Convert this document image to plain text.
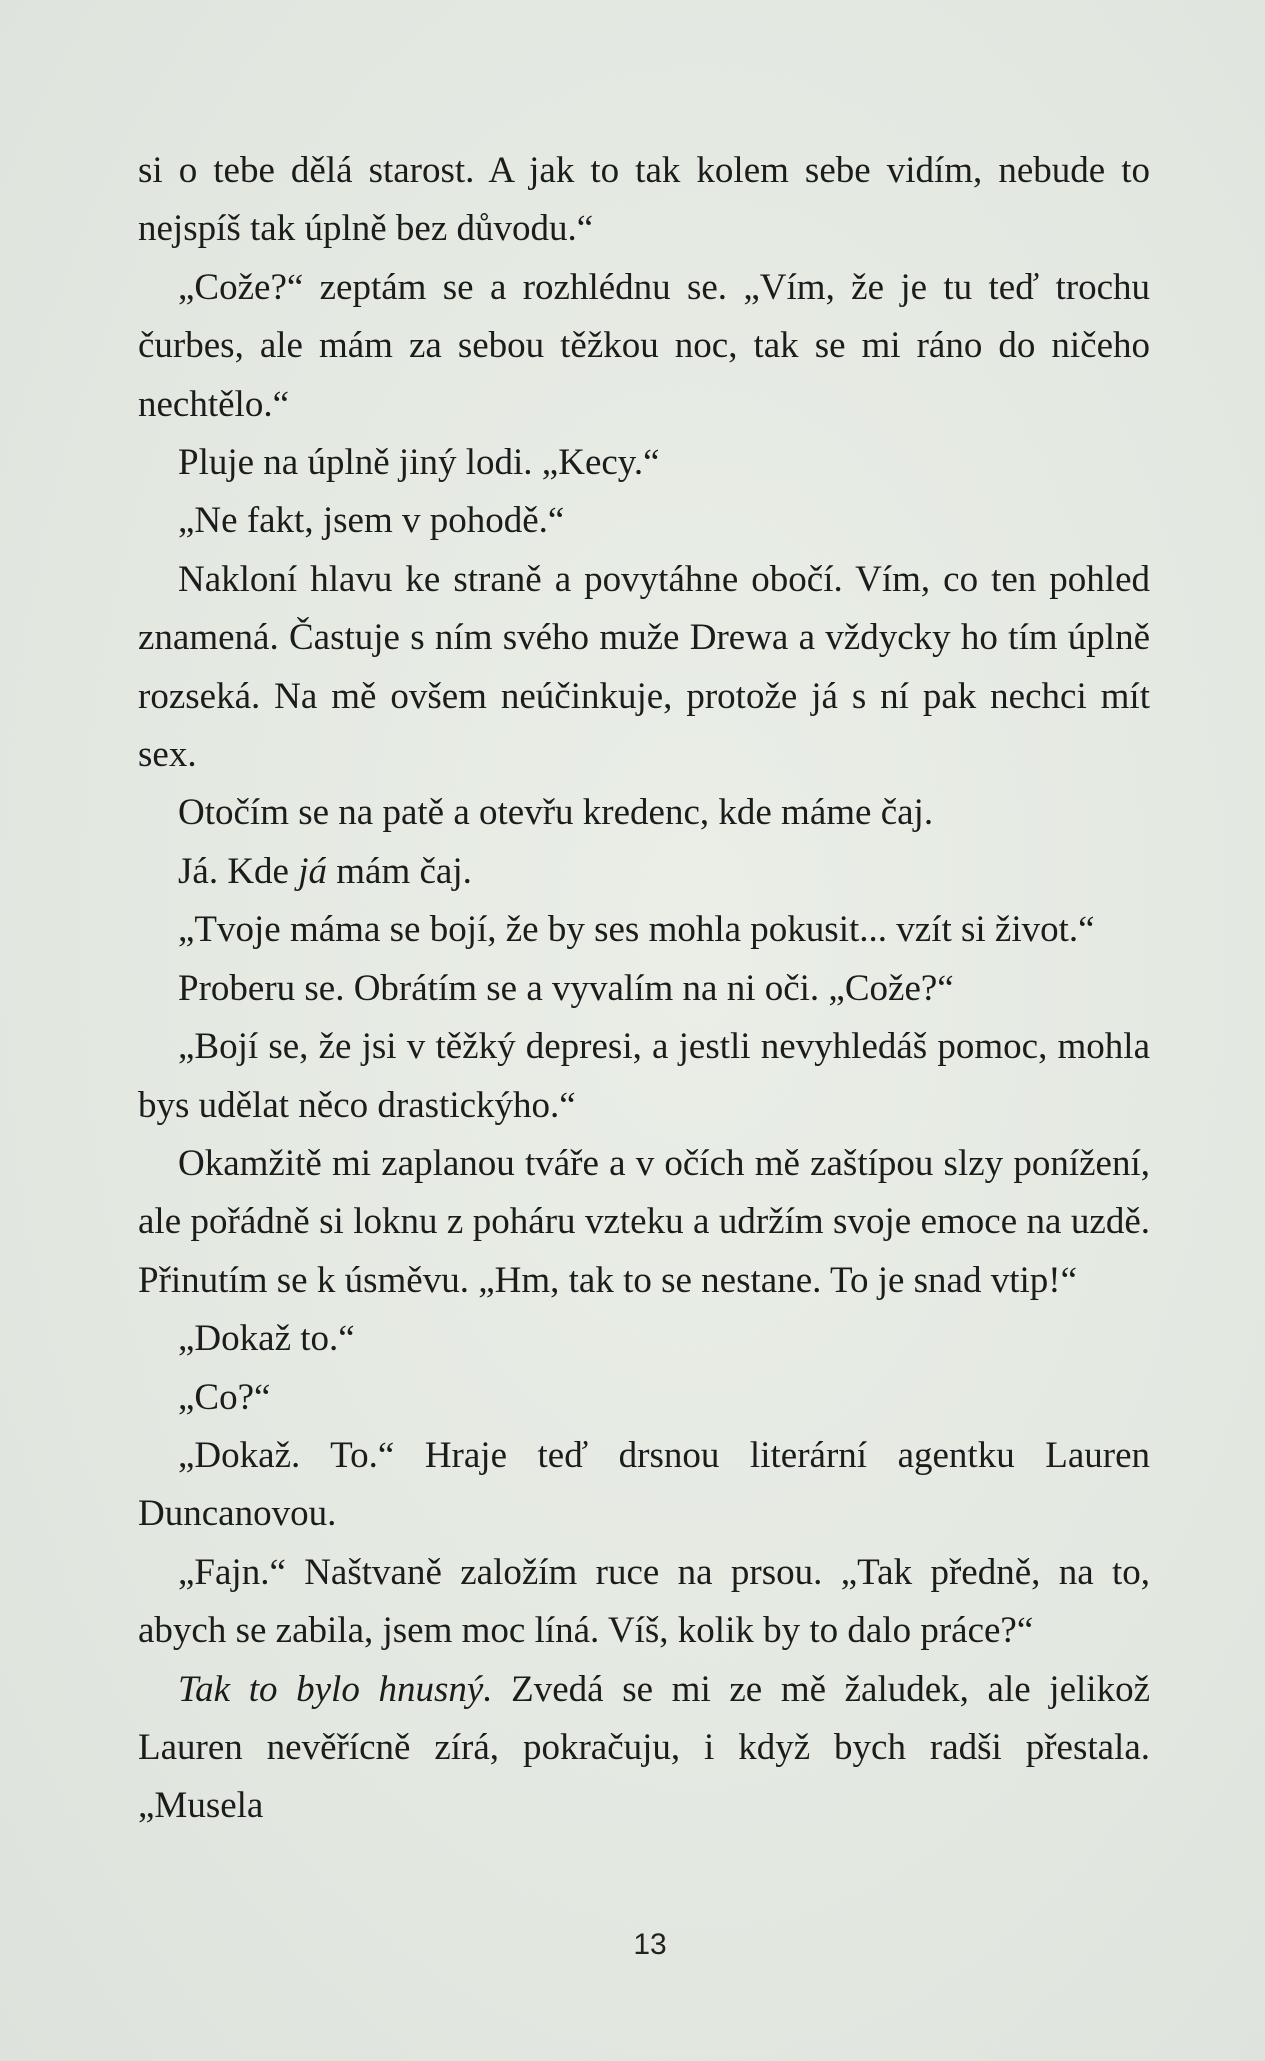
si o tebe dělá starost. A jak to tak kolem sebe vidím, nebude to nejspíš tak úplně bez důvodu.“

„Cože?“ zeptám se a rozhlédnu se. „Vím, že je tu teď trochu čurbes, ale mám za sebou těžkou noc, tak se mi ráno do ničeho nechtělo.“

Pluje na úplně jiný lodi. „Kecy.“

„Ne fakt, jsem v pohodě.“

Nakloní hlavu ke straně a povytáhne obočí. Vím, co ten pohled znamená. Častuje s ním svého muže Drewa a vždycky ho tím úplně rozseká. Na mě ovšem neúčinkuje, protože já s ní pak nechci mít sex.

Otočím se na patě a otevřu kredenc, kde máme čaj.

Já. Kde já mám čaj.

„Tvoje máma se bojí, že by ses mohla pokusit... vzít si život.“

Proberu se. Obrátím se a vyvalím na ni oči. „Cože?“

„Bojí se, že jsi v těžký depresi, a jestli nevyhledáš pomoc, mohla bys udělat něco drastickýho.“

Okamžitě mi zaplanou tváře a v očích mě zaštípou slzy ponížení, ale pořádně si loknu z poháru vzteku a udržím svoje emoce na uzdě. Přinutím se k úsměvu. „Hm, tak to se nestane. To je snad vtip!“

„Dokaž to.“

„Co?“

„Dokaž. To.“ Hraje teď drsnou literární agentku Lauren Duncanovou.

„Fajn.“ Naštvaně založím ruce na prsou. „Tak předně, na to, abych se zabila, jsem moc líná. Víš, kolik by to dalo práce?“

Tak to bylo hnusný. Zvedá se mi ze mě žaludek, ale jelikož Lauren nevěřícně zírá, pokračuju, i když bych radši přestala. „Musela

13
